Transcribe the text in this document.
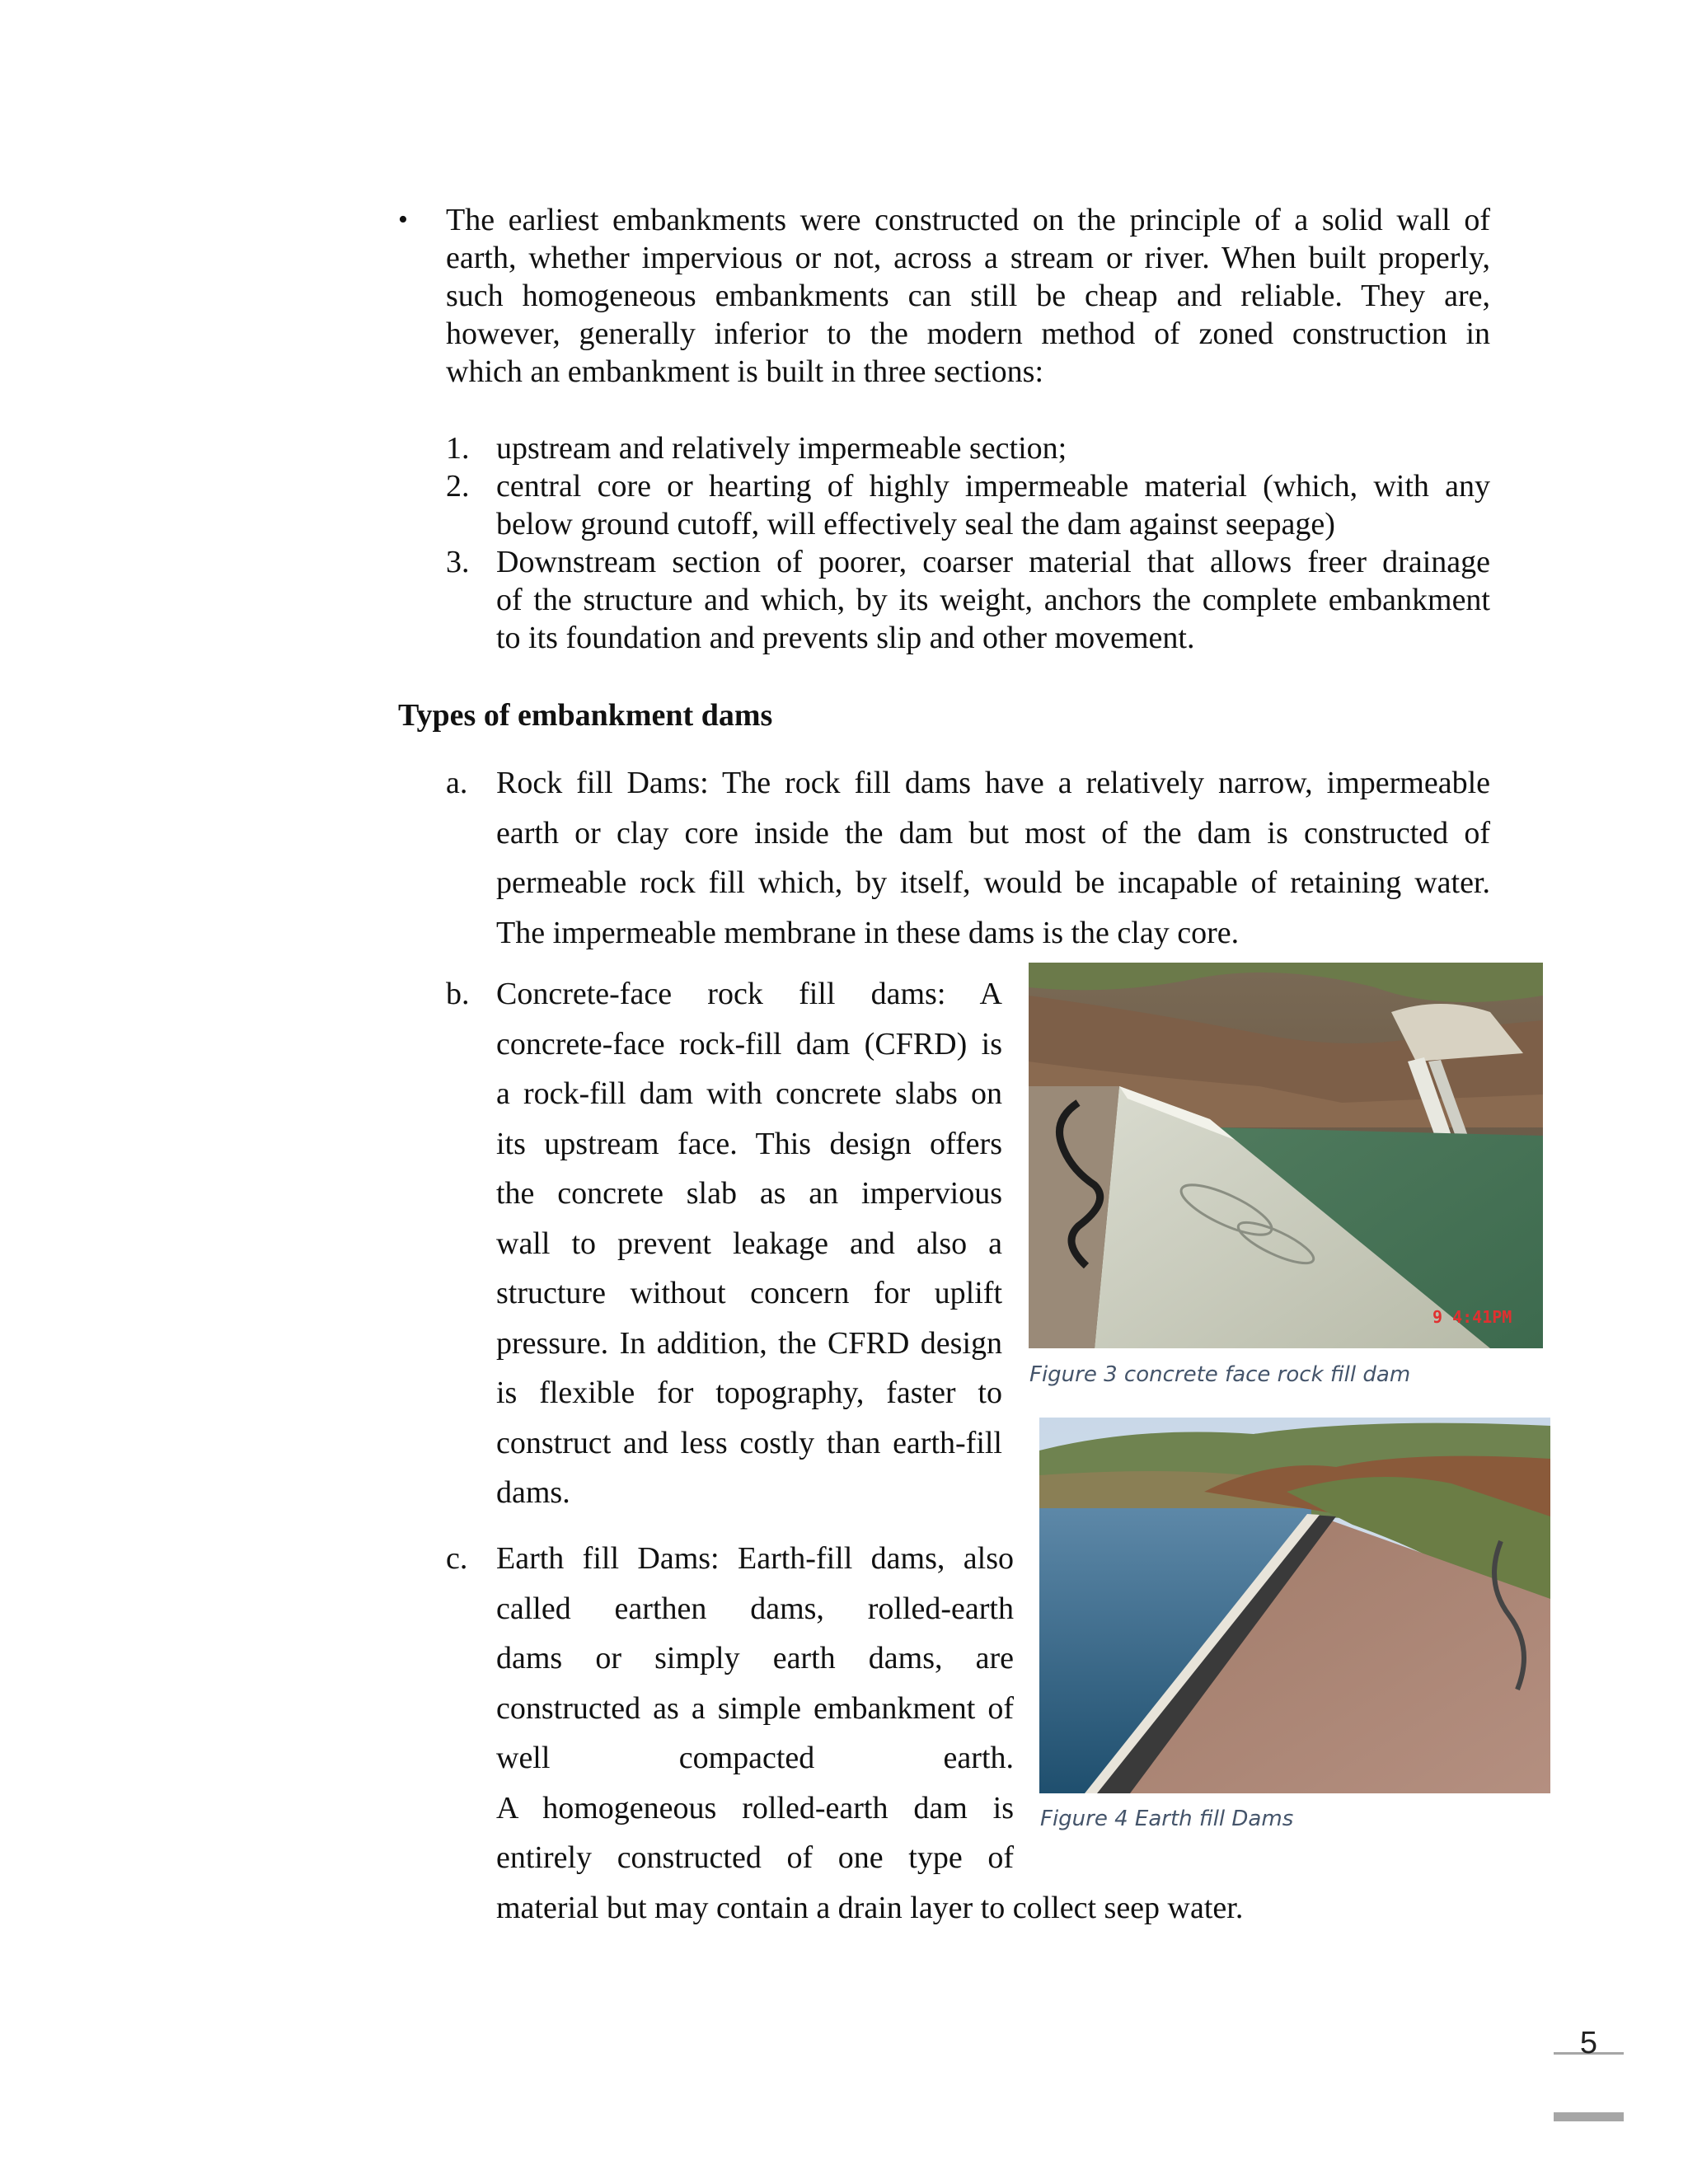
• The earliest embankments were constructed on the principle of a solid wall of
earth, whether impervious or not, across a stream or river. When built properly,
such homogeneous embankments can still be cheap and reliable. They are,
however, generally inferior to the modern method of zoned construction in
which an embankment is built in three sections:
1. upstream and relatively impermeable section;
2. central core or hearting of highly impermeable material (which, with any
below ground cutoff, will effectively seal the dam against seepage)
3. Downstream section of poorer, coarser material that allows freer drainage
of the structure and which, by its weight, anchors the complete embankment
to its foundation and prevents slip and other movement.
Types of embankment dams
a. Rock fill Dams: The rock fill dams have a relatively narrow, impermeable
earth or clay core inside the dam but most of the dam is constructed of
permeable rock fill which, by itself, would be incapable of retaining water.
The impermeable membrane in these dams is the clay core.
b. Concrete-face rock fill dams: A
concrete-face rock-fill dam (CFRD) is
a rock-fill dam with concrete slabs on
its upstream face. This design offers
the concrete slab as an impervious
wall to prevent leakage and also a
structure without concern for uplift
pressure. In addition, the CFRD design
is flexible for topography, faster to
construct and less costly than earth-fill
dams.
c. Earth fill Dams: Earth-fill dams, also
called earthen dams, rolled-earth
dams or simply earth dams, are
constructed as a simple embankment of
well compacted earth.
A homogeneous rolled-earth dam is
entirely constructed of one type of
material but may contain a drain layer to collect seep water.
9 4:41PM
Figure 3 concrete face rock fill dam
Figure 4 Earth fill Dams
5
